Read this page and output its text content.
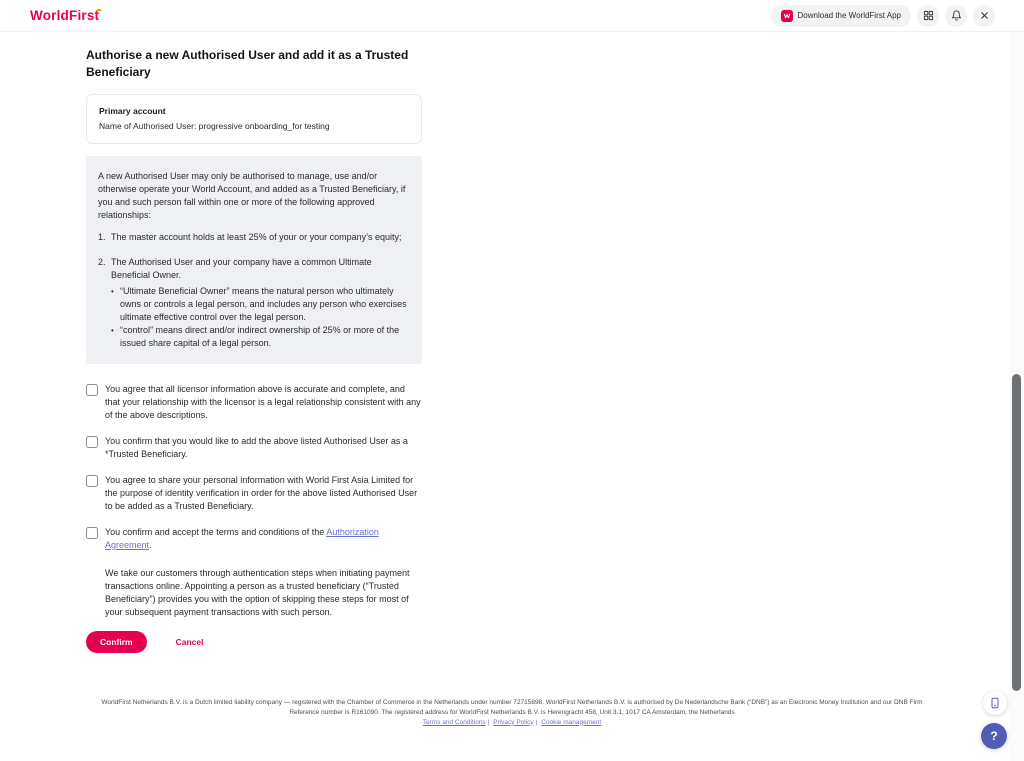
WorldFirst	Download the WorldFirst App
Authorise a new Authorised User and add it as a Trusted Beneficiary
Primary account
Name of Authorised User: progressive onboarding_for testing

A new Authorised User may only be authorised to manage, use and/or otherwise operate your World Account, and added as a Trusted Beneficiary, if you and such person fall within one or more of the following approved relationships:

1. The master account holds at least 25% of your or your company’s equity;
2. The Authorised User and your company have a common Ultimate Beneficial Owner.
• “Ultimate Beneficial Owner” means the natural person who ultimately owns or controls a legal person, and includes any person who exercises ultimate effective control over the legal person.
• “control” means direct and/or indirect ownership of 25% or more of the issued share capital of a legal person.
You agree that all licensor information above is accurate and complete, and that your relationship with the licensor is a legal relationship consistent with any of the above descriptions.
You confirm that you would like to add the above listed Authorised User as a *Trusted Beneficiary.
You agree to share your personal information with World First Asia Limited for the purpose of identity verification in order for the above listed Authorised User to be added as a Trusted Beneficiary.
You confirm and accept the terms and conditions of the Authorization Agreement.

We take our customers through authentication steps when initiating payment transactions online. Appointing a person as a trusted beneficiary (“Trusted Beneficiary”) provides you with the option of skipping these steps for most of your subsequent payment transactions with such person.

Confirm	Cancel
WorldFirst Netherlands B.V. is a Dutch limited liability company — registered with the Chamber of Commerce in the Netherlands under number 72715898. WorldFirst Netherlands B.V. is authorised by De Nederlandsche Bank (“DNB”) as an Electronic Money Institution and our DNB Firm Reference number is R161090. The registered address for WorldFirst Netherlands B.V. is Herengracht 458, Unit 3.1, 1017 CA Amsterdam, the Netherlands
Terms and Conditions | Privacy Policy | Cookie management
?
